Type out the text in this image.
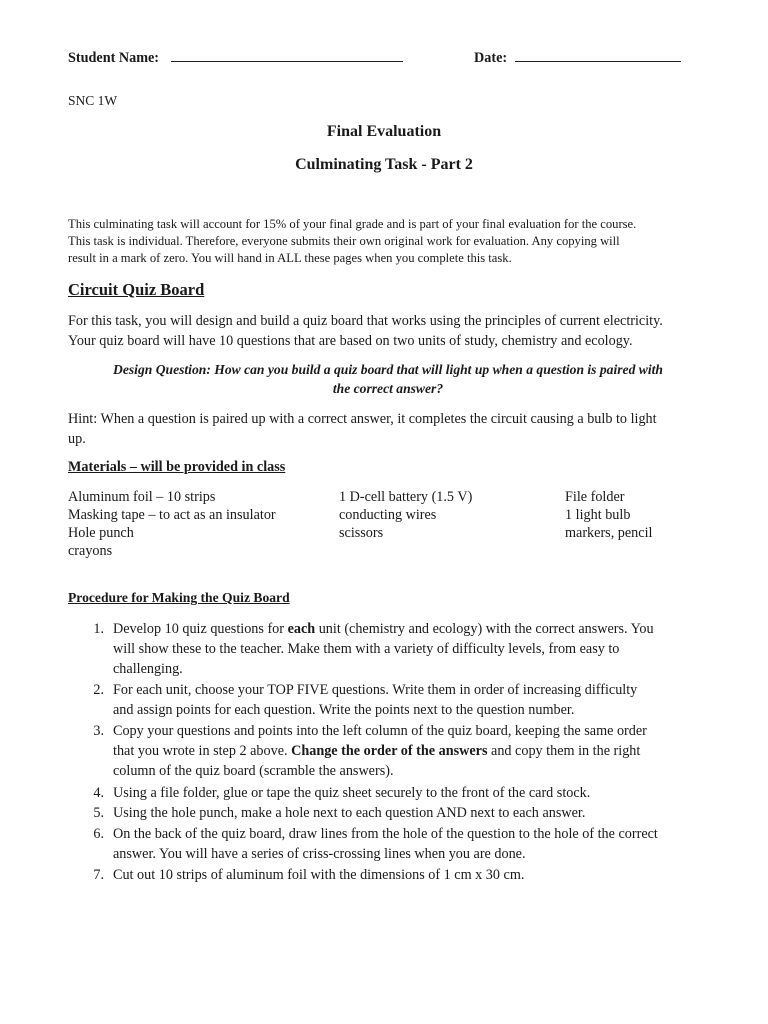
Student Name:	Date:
SNC 1W
Final Evaluation
Culminating Task - Part 2
This culminating task will account for 15% of your final grade and is part of your final evaluation for the course.
This task is individual. Therefore, everyone submits their own original work for evaluation. Any copying will
result in a mark of zero. You will hand in ALL these pages when you complete this task.
Circuit Quiz Board
For this task, you will design and build a quiz board that works using the principles of current electricity.
Your quiz board will have 10 questions that are based on two units of study, chemistry and ecology.
Design Question: How can you build a quiz board that will light up when a question is paired with
the correct answer?
Hint: When a question is paired up with a correct answer, it completes the circuit causing a bulb to light
up.
Materials – will be provided in class
Aluminum foil – 10 strips
Masking tape – to act as an insulator
Hole punch
crayons
1 D-cell battery (1.5 V)
conducting wires
scissors
File folder
1 light bulb
markers, pencil
Procedure for Making the Quiz Board
1. Develop 10 quiz questions for each unit (chemistry and ecology) with the correct answers. You
will show these to the teacher. Make them with a variety of difficulty levels, from easy to
challenging.
2. For each unit, choose your TOP FIVE questions. Write them in order of increasing difficulty
and assign points for each question. Write the points next to the question number.
3. Copy your questions and points into the left column of the quiz board, keeping the same order
that you wrote in step 2 above. Change the order of the answers and copy them in the right
column of the quiz board (scramble the answers).
4. Using a file folder, glue or tape the quiz sheet securely to the front of the card stock.
5. Using the hole punch, make a hole next to each question AND next to each answer.
6. On the back of the quiz board, draw lines from the hole of the question to the hole of the correct
answer. You will have a series of criss-crossing lines when you are done.
7. Cut out 10 strips of aluminum foil with the dimensions of 1 cm x 30 cm.
